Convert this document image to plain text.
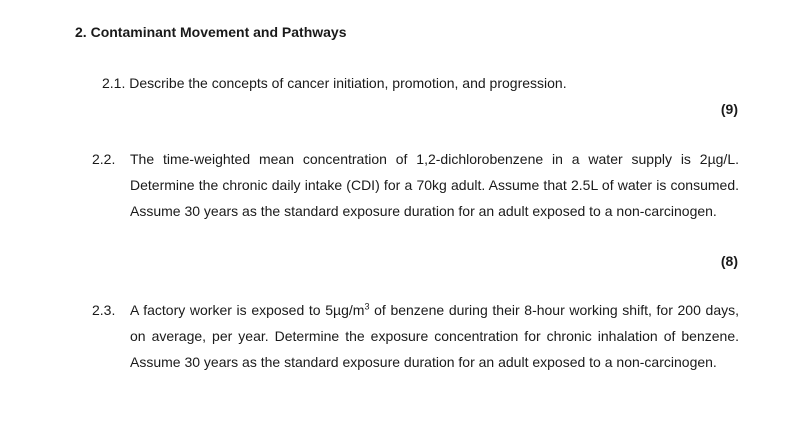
2. Contaminant Movement and Pathways
2.1. Describe the concepts of cancer initiation, promotion, and progression.
(9)
2.2. The time-weighted mean concentration of 1,2-dichlorobenzene in a water supply is 2µg/L. Determine the chronic daily intake (CDI) for a 70kg adult. Assume that 2.5L of water is consumed. Assume 30 years as the standard exposure duration for an adult exposed to a non-carcinogen.
(8)
2.3. A factory worker is exposed to $5\mu g/m^3$ of benzene during their 8-hour working shift, for 200 days, on average, per year. Determine the exposure concentration for chronic inhalation of benzene. Assume 30 years as the standard exposure duration for an adult exposed to a non-carcinogen.
